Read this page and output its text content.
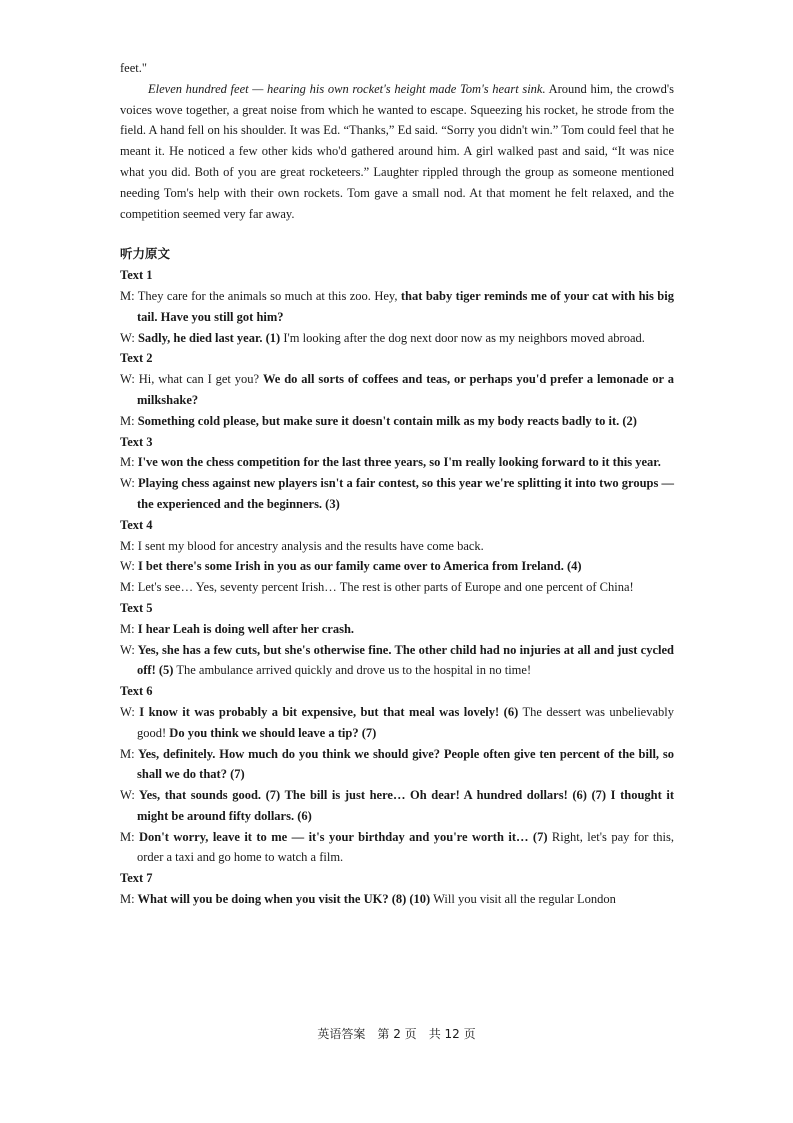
feet."

Eleven hundred feet — hearing his own rocket's height made Tom's heart sink. Around him, the crowd's voices wove together, a great noise from which he wanted to escape. Squeezing his rocket, he strode from the field. A hand fell on his shoulder. It was Ed. “Thanks,” Ed said. “Sorry you didn't win.” Tom could feel that he meant it. He noticed a few other kids who'd gathered around him. A girl walked past and said, “It was nice what you did. Both of you are great rocketeers.” Laughter rippled through the group as someone mentioned needing Tom's help with their own rockets. Tom gave a small nod. At that moment he felt relaxed, and the competition seemed very far away.

听力原文
Text 1

M: They care for the animals so much at this zoo. Hey, that baby tiger reminds me of your cat with his big tail. Have you still got him?

W: Sadly, he died last year. (1) I'm looking after the dog next door now as my neighbors moved abroad.

Text 2

W: Hi, what can I get you? We do all sorts of coffees and teas, or perhaps you'd prefer a lemonade or a milkshake?

M: Something cold please, but make sure it doesn't contain milk as my body reacts badly to it. (2)

Text 3

M: I've won the chess competition for the last three years, so I'm really looking forward to it this year.

W: Playing chess against new players isn't a fair contest, so this year we're splitting it into two groups — the experienced and the beginners. (3)

Text 4

M: I sent my blood for ancestry analysis and the results have come back.

W: I bet there's some Irish in you as our family came over to America from Ireland. (4)

M: Let's see… Yes, seventy percent Irish… The rest is other parts of Europe and one percent of China!

Text 5

M: I hear Leah is doing well after her crash.

W: Yes, she has a few cuts, but she's otherwise fine. The other child had no injuries at all and just cycled off! (5) The ambulance arrived quickly and drove us to the hospital in no time!

Text 6

W: I know it was probably a bit expensive, but that meal was lovely! (6) The dessert was unbelievably good! Do you think we should leave a tip? (7)

M: Yes, definitely. How much do you think we should give? People often give ten percent of the bill, so shall we do that? (7)

W: Yes, that sounds good. (7) The bill is just here… Oh dear! A hundred dollars! (6) (7) I thought it might be around fifty dollars. (6)

M: Don't worry, leave it to me — it's your birthday and you're worth it… (7) Right, let's pay for this, order a taxi and go home to watch a film.

Text 7

M: What will you be doing when you visit the UK? (8) (10) Will you visit all the regular London

英语答案 第 2 页 共 12 页
